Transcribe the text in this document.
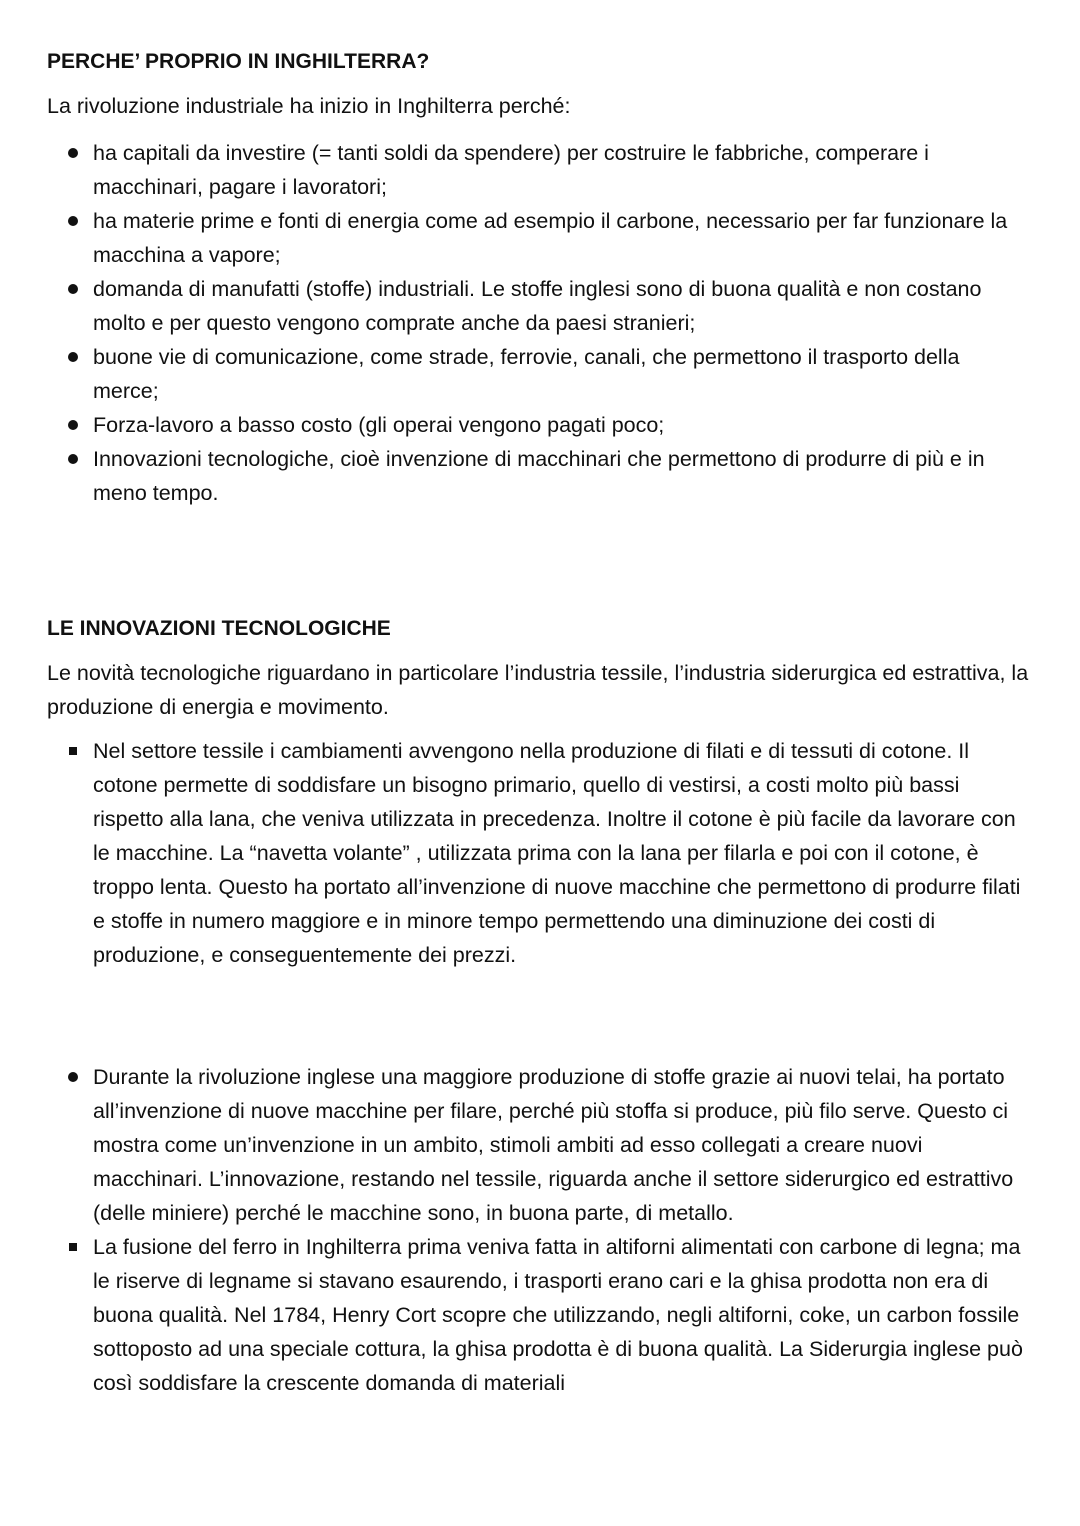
PERCHE’ PROPRIO IN INGHILTERRA?

La rivoluzione industriale ha inizio in Inghilterra perché:

ha capitali da investire (= tanti soldi da spendere) per costruire le fabbriche, comperare i macchinari, pagare i lavoratori;
ha materie prime e fonti di energia come ad esempio il carbone, necessario per far funzionare la macchina a vapore;
domanda di manufatti (stoffe) industriali. Le stoffe inglesi sono di buona qualità e non costano molto e per questo vengono comprate anche da paesi stranieri;
buone vie di comunicazione, come strade, ferrovie, canali, che permettono il trasporto della merce;
Forza-lavoro a basso costo (gli operai vengono pagati poco;
Innovazioni tecnologiche, cioè invenzione di macchinari che permettono di produrre di più e in meno tempo.
LE INNOVAZIONI TECNOLOGICHE

Le novità tecnologiche riguardano in particolare l’industria tessile, l’industria siderurgica ed estrattiva, la produzione di energia e movimento.

Nel settore tessile i cambiamenti avvengono nella produzione di filati e di tessuti di cotone. Il cotone permette di soddisfare un bisogno primario, quello di vestirsi, a costi molto più bassi rispetto alla lana, che veniva utilizzata in precedenza. Inoltre il cotone è più facile da lavorare con le macchine. La “navetta volante” , utilizzata prima con la lana per filarla e poi con il cotone, è troppo lenta. Questo ha portato all’invenzione di nuove macchine che permettono di produrre filati e stoffe in numero maggiore e in minore tempo permettendo una diminuzione dei costi di produzione, e conseguentemente dei prezzi.
Durante la rivoluzione inglese una maggiore produzione di stoffe grazie ai nuovi telai, ha portato all’invenzione di nuove macchine per filare, perché più stoffa si produce, più filo serve. Questo ci mostra come un’invenzione in un ambito, stimoli ambiti ad esso collegati a creare nuovi macchinari. L’innovazione, restando nel tessile, riguarda anche il settore siderurgico ed estrattivo (delle miniere) perché le macchine sono, in buona parte, di metallo.
La fusione del ferro in Inghilterra prima veniva fatta in altiforni alimentati con carbone di legna; ma le riserve di legname si stavano esaurendo, i trasporti erano cari e la ghisa prodotta non era di buona qualità. Nel 1784, Henry Cort scopre che utilizzando, negli altiforni, coke, un carbon fossile sottoposto ad una speciale cottura, la ghisa prodotta è di buona qualità. La Siderurgia inglese può così soddisfare la crescente domanda di materiali
